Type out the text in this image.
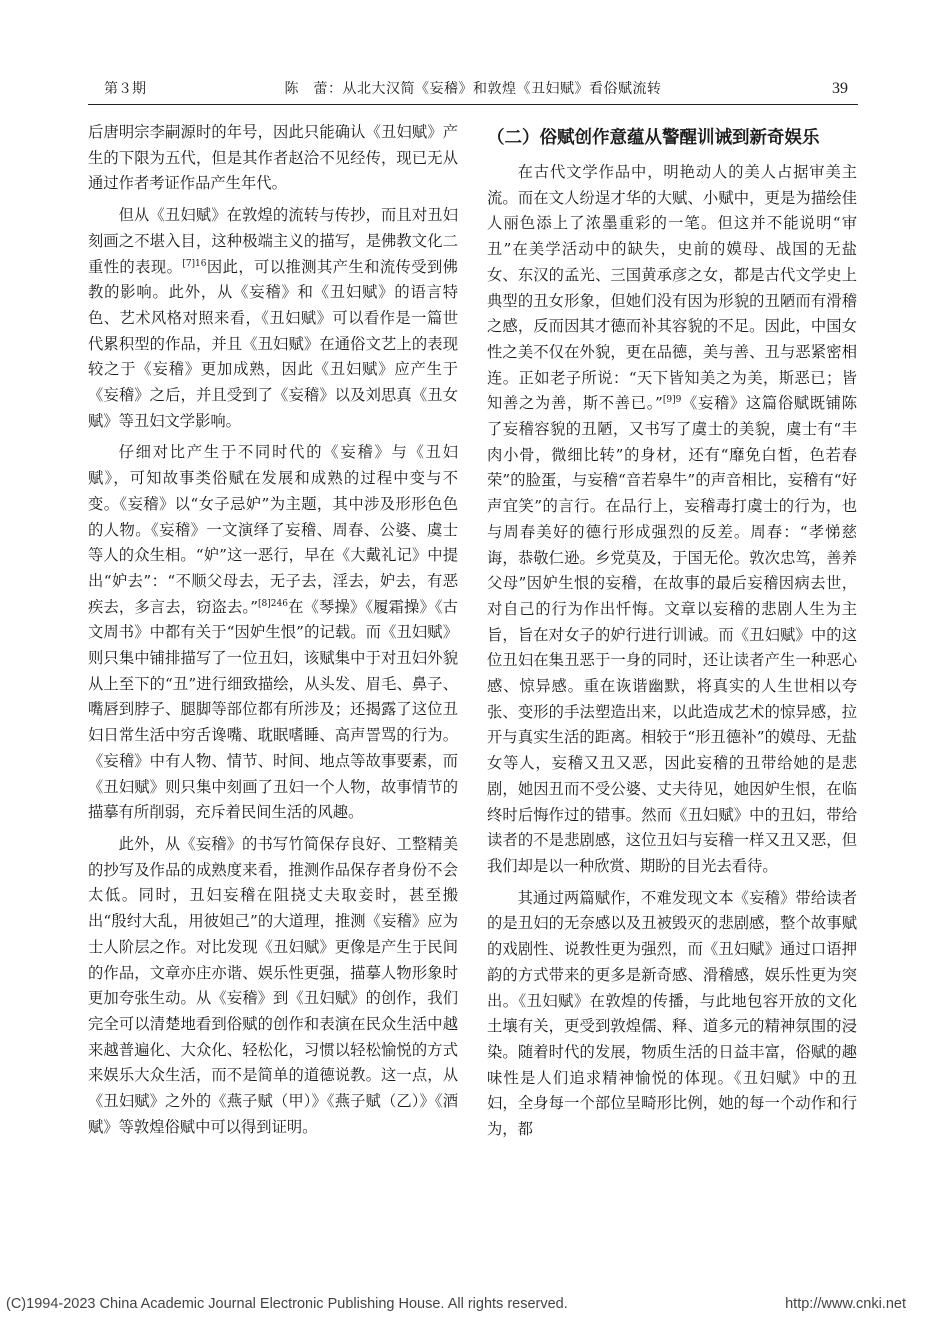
第３期	陈　蕾：从北大汉简《妄稽》和敦煌《丑妇赋》看俗赋流转	39

后唐明宗李嗣源时的年号，因此只能确认《丑妇赋》产生的下限为五代，但是其作者赵洽不见经传，现已无从通过作者考证作品产生年代。

但从《丑妇赋》在敦煌的流转与传抄，而且对丑妇刻画之不堪入目，这种极端主义的描写，是佛教文化二重性的表现。$^{[7]16}$因此，可以推测其产生和流传受到佛教的影响。此外，从《妄稽》和《丑妇赋》的语言特色、艺术风格对照来看，《丑妇赋》可以看作是一篇世代累积型的作品，并且《丑妇赋》在通俗文艺上的表现较之于《妄稽》更加成熟，因此《丑妇赋》应产生于《妄稽》之后，并且受到了《妄稽》以及刘思真《丑女赋》等丑妇文学影响。

仔细对比产生于不同时代的《妄稽》与《丑妇赋》，可知故事类俗赋在发展和成熟的过程中变与不变。《妄稽》以“女子忌妒”为主题，其中涉及形形色色的人物。《妄稽》一文演绎了妄稽、周春、公婆、虞士等人的众生相。“妒”这一恶行，早在《大戴礼记》中提出“妒去”：“不顺父母去，无子去，淫去，妒去，有恶疾去，多言去，窃盗去。”$^{[8]246}$在《琴操》《履霜操》《古文周书》中都有关于“因妒生恨”的记载。而《丑妇赋》则只集中铺排描写了一位丑妇，该赋集中于对丑妇外貌从上至下的“丑”进行细致描绘，从头发、眉毛、鼻子、嘴唇到脖子、腿脚等部位都有所涉及；还揭露了这位丑妇日常生活中穷舌谗嘴、耽眠嗜睡、高声詈骂的行为。《妄稽》中有人物、情节、时间、地点等故事要素，而《丑妇赋》则只集中刻画了丑妇一个人物，故事情节的描摹有所削弱，充斥着民间生活的风趣。

此外，从《妄稽》的书写竹简保存良好、工整精美的抄写及作品的成熟度来看，推测作品保存者身份不会太低。同时，丑妇妄稽在阻挠丈夫取妾时，甚至搬出“殷纣大乱，用彼妲己”的大道理，推测《妄稽》应为士人阶层之作。对比发现《丑妇赋》更像是产生于民间的作品，文章亦庄亦谐、娱乐性更强，描摹人物形象时更加夸张生动。从《妄稽》到《丑妇赋》的创作，我们完全可以清楚地看到俗赋的创作和表演在民众生活中越来越普遍化、大众化、轻松化，习惯以轻松愉悦的方式来娱乐大众生活，而不是简单的道德说教。这一点，从《丑妇赋》之外的《燕子赋（甲）》《燕子赋（乙）》《酒赋》等敦煌俗赋中可以得到证明。

（二）俗赋创作意蕴从警醒训诫到新奇娱乐

在古代文学作品中，明艳动人的美人占据审美主流。而在文人纷逞才华的大赋、小赋中，更是为描绘佳人丽色添上了浓墨重彩的一笔。但这并不能说明“审丑”在美学活动中的缺失，史前的嫫母、战国的无盐女、东汉的孟光、三国黄承彦之女，都是古代文学史上典型的丑女形象，但她们没有因为形貌的丑陋而有滑稽之感，反而因其才德而补其容貌的不足。因此，中国女性之美不仅在外貌，更在品德，美与善、丑与恶紧密相连。正如老子所说：“天下皆知美之为美，斯恶已；皆知善之为善，斯不善已。”$^{[9]9}$《妄稽》这篇俗赋既铺陈了妄稽容貌的丑陋，又书写了虞士的美貌，虞士有“丰肉小骨，微细比转”的身材，还有“靡免白皙，色若春荣”的脸蛋，与妄稽“音若皋牛”的声音相比，妄稽有“好声宜笑”的言行。在品行上，妄稽毒打虞士的行为，也与周春美好的德行形成强烈的反差。周春：“孝悌慈诲，恭敬仁逊。乡党莫及，于国无伦。敦次忠笃，善养父母”因妒生恨的妄稽，在故事的最后妄稽因病去世，对自己的行为作出忏悔。文章以妄稽的悲剧人生为主旨，旨在对女子的妒行进行训诫。而《丑妇赋》中的这位丑妇在集丑恶于一身的同时，还让读者产生一种恶心感、惊异感。重在诙谐幽默，将真实的人生世相以夸张、变形的手法塑造出来，以此造成艺术的惊异感，拉开与真实生活的距离。相较于“形丑德补”的嫫母、无盐女等人，妄稽又丑又恶，因此妄稽的丑带给她的是悲剧，她因丑而不受公婆、丈夫待见，她因妒生恨，在临终时后悔作过的错事。然而《丑妇赋》中的丑妇，带给读者的不是悲剧感，这位丑妇与妄稽一样又丑又恶，但我们却是以一种欣赏、期盼的目光去看待。

其通过两篇赋作，不难发现文本《妄稽》带给读者的是丑妇的无奈感以及丑被毁灭的悲剧感，整个故事赋的戏剧性、说教性更为强烈，而《丑妇赋》通过口语押韵的方式带来的更多是新奇感、滑稽感，娱乐性更为突出。《丑妇赋》在敦煌的传播，与此地包容开放的文化土壤有关，更受到敦煌儒、释、道多元的精神氛围的浸染。随着时代的发展，物质生活的日益丰富，俗赋的趣味性是人们追求精神愉悦的体现。《丑妇赋》中的丑妇，全身每一个部位呈畸形比例，她的每一个动作和行为，都

(C)1994-2023 China Academic Journal Electronic Publishing House. All rights reserved.	http://www.cnki.net
